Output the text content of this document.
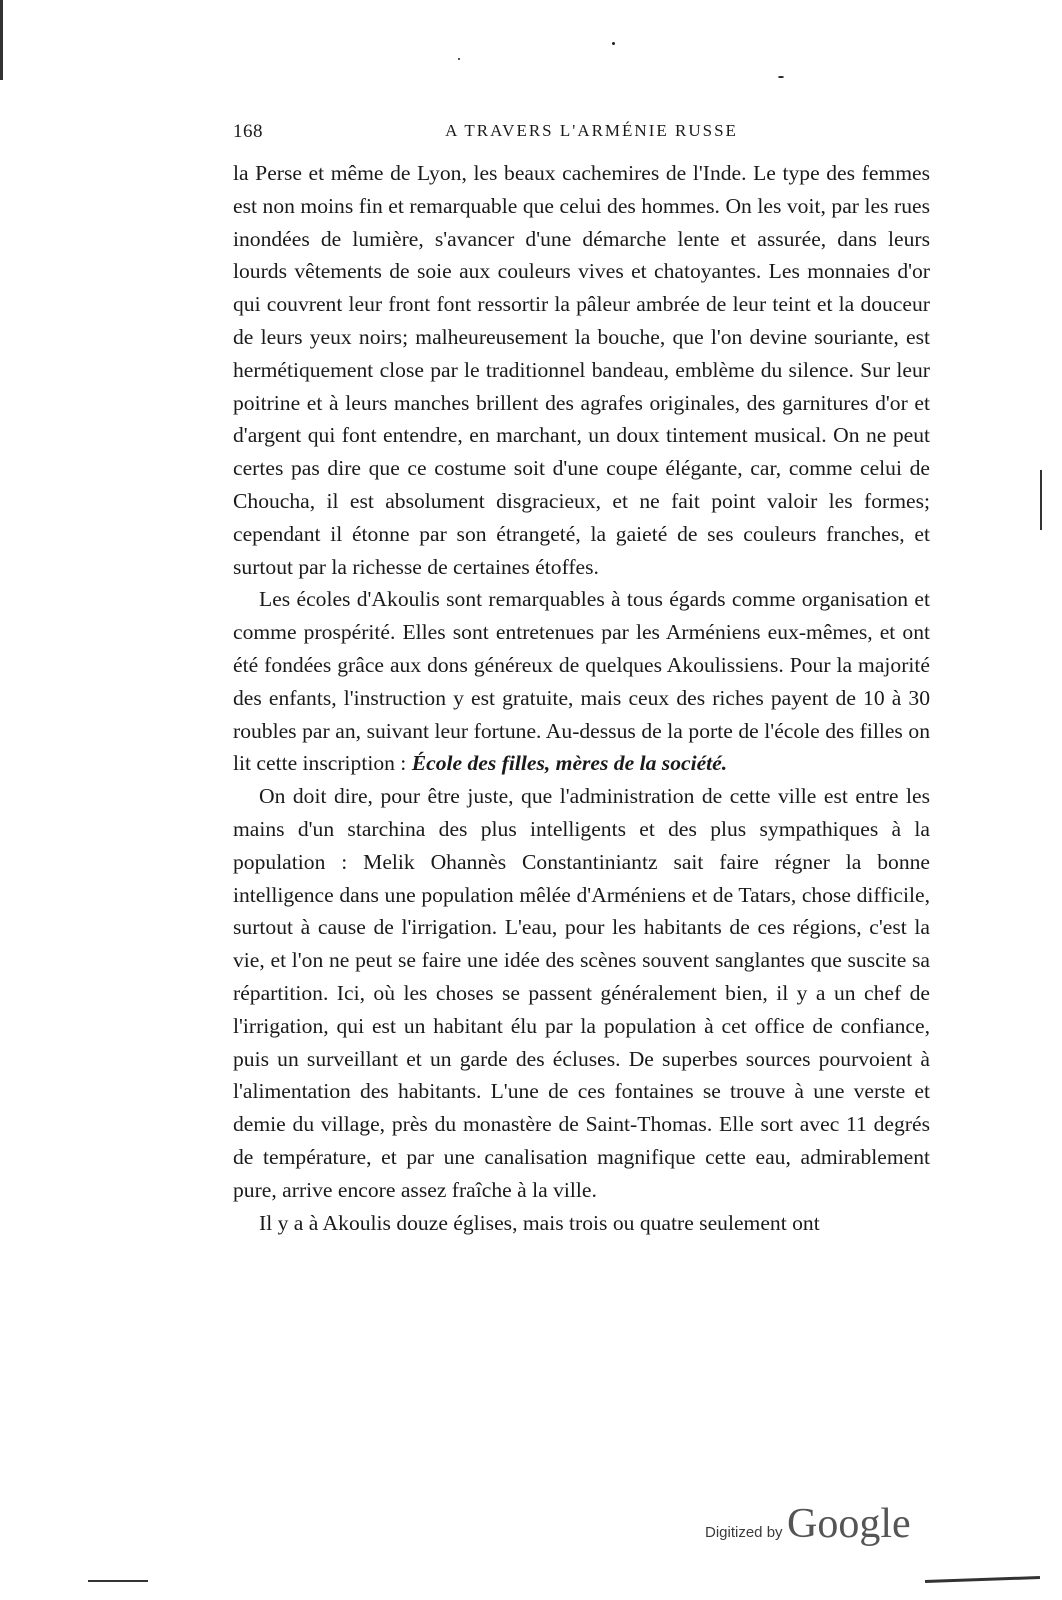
168	A TRAVERS L'ARMÉNIE RUSSE

la Perse et même de Lyon, les beaux cachemires de l'Inde. Le type des femmes est non moins fin et remarquable que celui des hommes. On les voit, par les rues inondées de lumière, s'avancer d'une démarche lente et assurée, dans leurs lourds vêtements de soie aux couleurs vives et chatoyantes. Les monnaies d'or qui couvrent leur front font ressortir la pâleur ambrée de leur teint et la douceur de leurs yeux noirs; malheureusement la bouche, que l'on devine souriante, est hermétiquement close par le traditionnel bandeau, emblème du silence. Sur leur poitrine et à leurs manches brillent des agrafes originales, des garnitures d'or et d'argent qui font entendre, en marchant, un doux tintement musical. On ne peut certes pas dire que ce costume soit d'une coupe élégante, car, comme celui de Choucha, il est absolument disgracieux, et ne fait point valoir les formes; cependant il étonne par son étrangeté, la gaieté de ses couleurs franches, et surtout par la richesse de certaines étoffes.

Les écoles d'Akoulis sont remarquables à tous égards comme organisation et comme prospérité. Elles sont entretenues par les Arméniens eux-mêmes, et ont été fondées grâce aux dons généreux de quelques Akoulissiens. Pour la majorité des enfants, l'instruction y est gratuite, mais ceux des riches payent de 10 à 30 roubles par an, suivant leur fortune. Au-dessus de la porte de l'école des filles on lit cette inscription : École des filles, mères de la société.

On doit dire, pour être juste, que l'administration de cette ville est entre les mains d'un starchina des plus intelligents et des plus sympathiques à la population : Melik Ohannès Constantiniantz sait faire régner la bonne intelligence dans une population mêlée d'Arméniens et de Tatars, chose difficile, surtout à cause de l'irrigation. L'eau, pour les habitants de ces régions, c'est la vie, et l'on ne peut se faire une idée des scènes souvent sanglantes que suscite sa répartition. Ici, où les choses se passent généralement bien, il y a un chef de l'irrigation, qui est un habitant élu par la population à cet office de confiance, puis un surveillant et un garde des écluses. De superbes sources pourvoient à l'alimentation des habitants. L'une de ces fontaines se trouve à une verste et demie du village, près du monastère de Saint-Thomas. Elle sort avec 11 degrés de température, et par une canalisation magnifique cette eau, admirablement pure, arrive encore assez fraîche à la ville.

Il y a à Akoulis douze églises, mais trois ou quatre seulement ont

Digitized by Google
